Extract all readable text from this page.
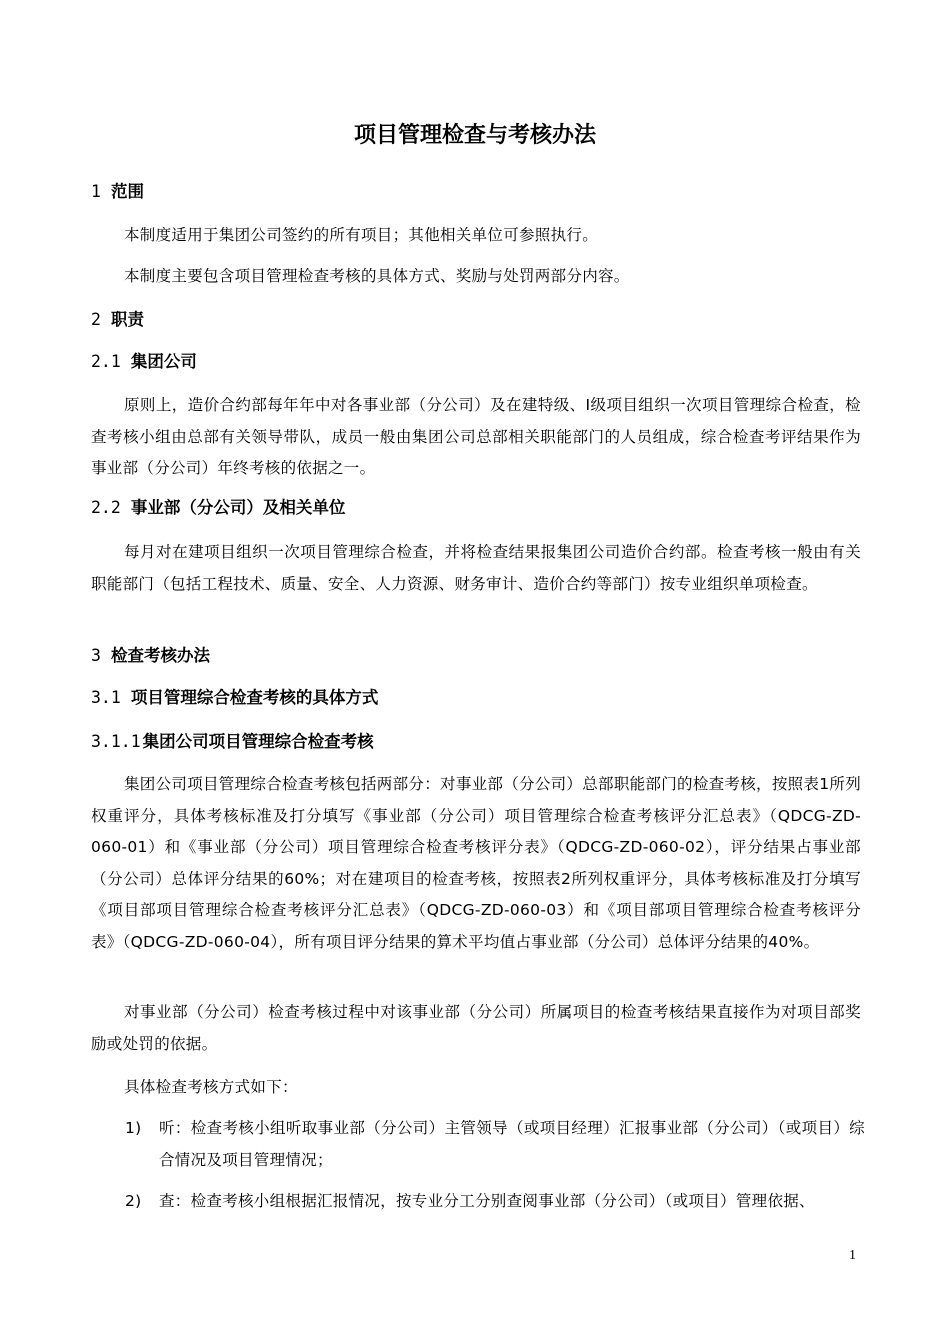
项目管理检查与考核办法
1 范围
本制度适用于集团公司签约的所有项目；其他相关单位可参照执行。
本制度主要包含项目管理检查考核的具体方式、奖励与处罚两部分内容。
2 职责
2.1 集团公司
原则上，造价合约部每年年中对各事业部（分公司）及在建特级、Ⅰ级项目组织一次项目管理综合检查，检查考核小组由总部有关领导带队，成员一般由集团公司总部相关职能部门的人员组成，综合检查考评结果作为事业部（分公司）年终考核的依据之一。
2.2 事业部（分公司）及相关单位
每月对在建项目组织一次项目管理综合检查，并将检查结果报集团公司造价合约部。检查考核一般由有关职能部门（包括工程技术、质量、安全、人力资源、财务审计、造价合约等部门）按专业组织单项检查。
3 检查考核办法
3.1 项目管理综合检查考核的具体方式
3.1.1 集团公司项目管理综合检查考核
集团公司项目管理综合检查考核包括两部分：对事业部（分公司）总部职能部门的检查考核，按照表1所列权重评分，具体考核标准及打分填写《事业部（分公司）项目管理综合检查考核评分汇总表》（QDCG-ZD-060-01）和《事业部（分公司）项目管理综合检查考核评分表》（QDCG-ZD-060-02），评分结果占事业部（分公司）总体评分结果的60%；对在建项目的检查考核，按照表2所列权重评分，具体考核标准及打分填写《项目部项目管理综合检查考核评分汇总表》（QDCG-ZD-060-03）和《项目部项目管理综合检查考核评分表》（QDCG-ZD-060-04），所有项目评分结果的算术平均值占事业部（分公司）总体评分结果的40%。
对事业部（分公司）检查考核过程中对该事业部（分公司）所属项目的检查考核结果直接作为对项目部奖励或处罚的依据。
具体检查考核方式如下：
1) 听：检查考核小组听取事业部（分公司）主管领导（或项目经理）汇报事业部（分公司）（或项目）综合情况及项目管理情况；
2) 查：检查考核小组根据汇报情况，按专业分工分别查阅事业部（分公司）（或项目）管理依据、
1
